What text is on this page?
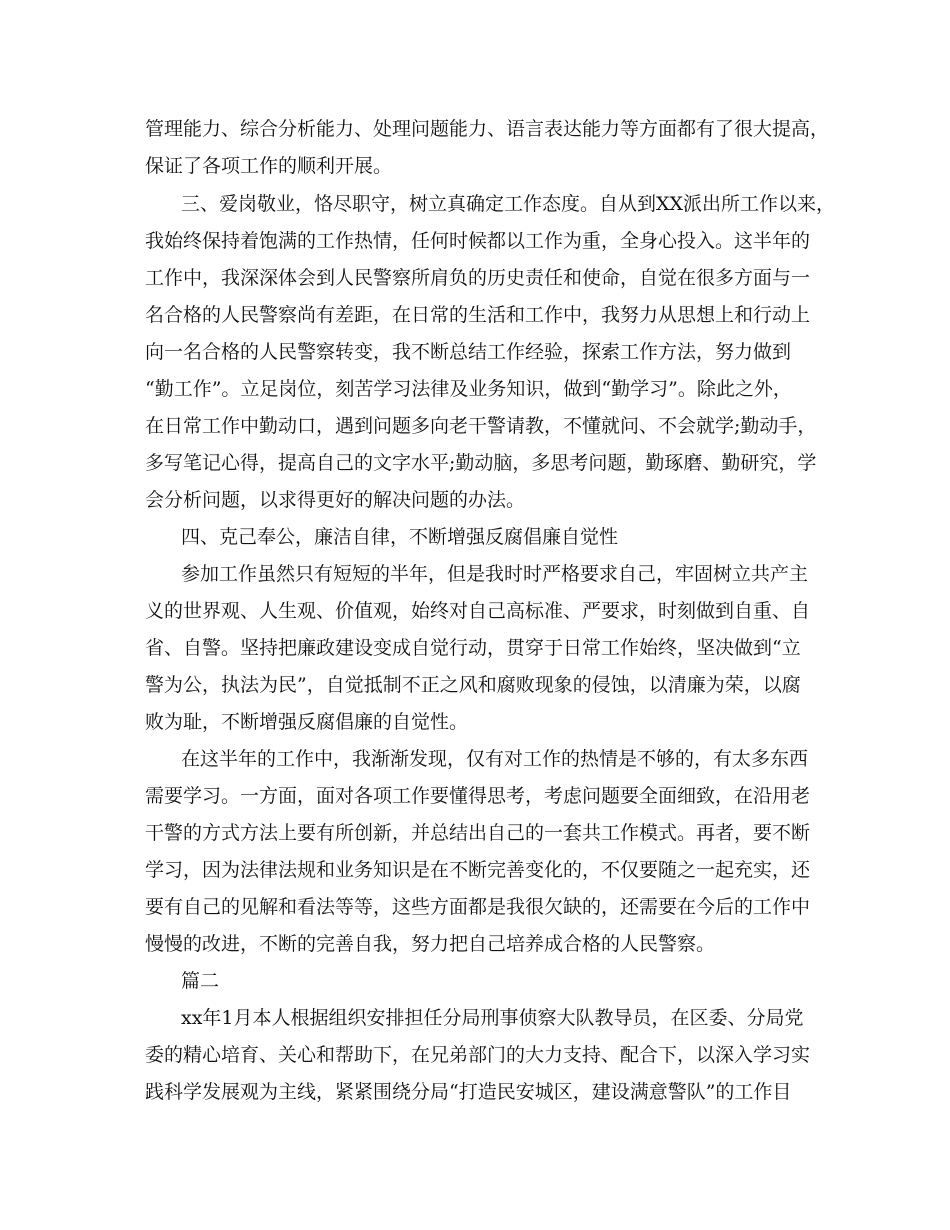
管理能力、综合分析能力、处理问题能力、语言表达能力等方面都有了很大提高，
保证了各项工作的顺利开展。
三、爱岗敬业，恪尽职守，树立真确定工作态度。自从到XX派出所工作以来，
我始终保持着饱满的工作热情，任何时候都以工作为重，全身心投入。这半年的
工作中，我深深体会到人民警察所肩负的历史责任和使命，自觉在很多方面与一
名合格的人民警察尚有差距，在日常的生活和工作中，我努力从思想上和行动上
向一名合格的人民警察转变，我不断总结工作经验，探索工作方法，努力做到
“勤工作”。立足岗位，刻苦学习法律及业务知识，做到“勤学习”。除此之外，
在日常工作中勤动口，遇到问题多向老干警请教，不懂就问、不会就学;勤动手，
多写笔记心得，提高自己的文字水平;勤动脑，多思考问题，勤琢磨、勤研究，学
会分析问题，以求得更好的解决问题的办法。
四、克己奉公，廉洁自律，不断增强反腐倡廉自觉性
参加工作虽然只有短短的半年，但是我时时严格要求自己，牢固树立共产主
义的世界观、人生观、价值观，始终对自己高标准、严要求，时刻做到自重、自
省、自警。坚持把廉政建设变成自觉行动，贯穿于日常工作始终，坚决做到“立
警为公，执法为民”，自觉抵制不正之风和腐败现象的侵蚀，以清廉为荣，以腐
败为耻，不断增强反腐倡廉的自觉性。
在这半年的工作中，我渐渐发现，仅有对工作的热情是不够的，有太多东西
需要学习。一方面，面对各项工作要懂得思考，考虑问题要全面细致，在沿用老
干警的方式方法上要有所创新，并总结出自己的一套共工作模式。再者，要不断
学习，因为法律法规和业务知识是在不断完善变化的，不仅要随之一起充实，还
要有自己的见解和看法等等，这些方面都是我很欠缺的，还需要在今后的工作中
慢慢的改进，不断的完善自我，努力把自己培养成合格的人民警察。
篇二
xx年1月本人根据组织安排担任分局刑事侦察大队教导员，在区委、分局党
委的精心培育、关心和帮助下，在兄弟部门的大力支持、配合下，以深入学习实
践科学发展观为主线，紧紧围绕分局“打造民安城区，建设满意警队”的工作目
